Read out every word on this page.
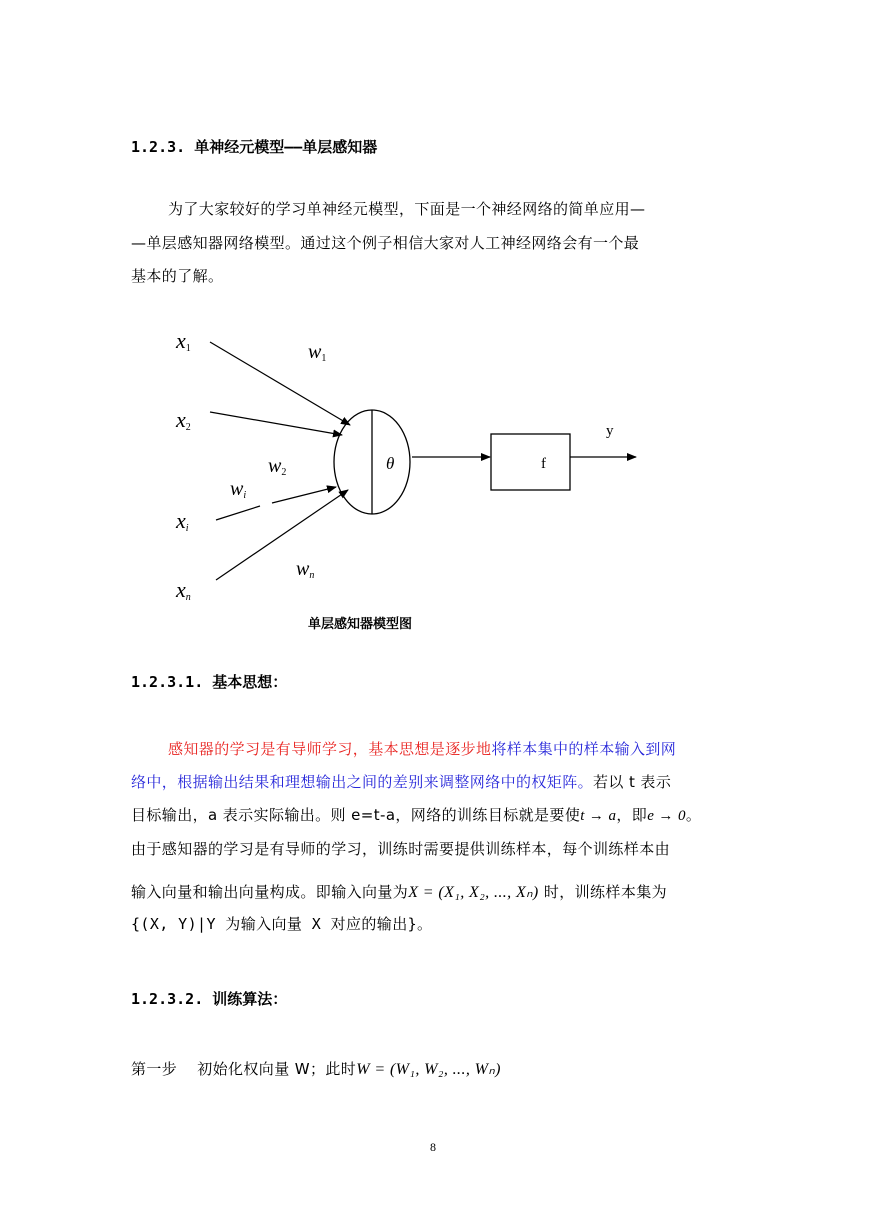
1.2.3. 单神经元模型——单层感知器
为了大家较好的学习单神经元模型，下面是一个神经网络的简单应用—
—单层感知器网络模型。通过这个例子相信大家对人工神经网络会有一个最
基本的了解。
x1
x2
xi
xn
w1
w2
wi
wn
θ	f
y
单层感知器模型图
1.2.3.1. 基本思想：
感知器的学习是有导师学习，基本思想是逐步地将样本集中的样本输入到网
络中，根据输出结果和理想输出之间的差别来调整网络中的权矩阵。若以 t 表示
目标输出，a 表示实际输出。则 e=t-a，网络的训练目标就是要使t → a，即e → 0。
由于感知器的学习是有导师的学习，训练时需要提供训练样本，每个训练样本由
输入向量和输出向量构成。即输入向量为X = (X₁, X₂, ..., Xₙ) 时，训练样本集为
{(X, Y)|Y 为输入向量 X 对应的输出}。
1.2.3.2. 训练算法：
第一步 初始化权向量 W；此时W = (W₁, W₂, ..., Wₙ)
8
